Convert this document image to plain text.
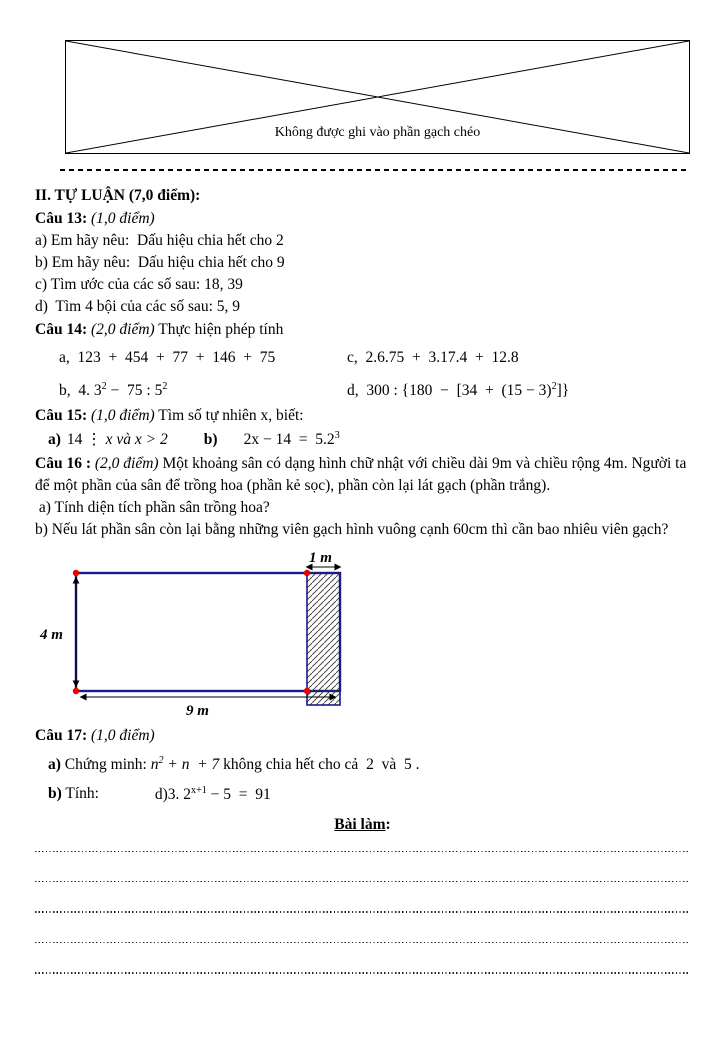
Không được ghi vào phần gạch chéo

II. TỰ LUẬN (7,0 điểm):

Câu 13: (1,0 điểm)

a) Em hãy nêu:  Dấu hiệu chia hết cho 2

b) Em hãy nêu:  Dấu hiệu chia hết cho 9

c) Tìm ước của các số sau: 18, 39

d)  Tìm 4 bội của các số sau: 5, 9

Câu 14: (2,0 điểm) Thực hiện phép tính

a,  123  +  454  +  77  +  146  +  75	c,  2.6.75  +  3.17.4  +  12.8
b,  4. $3^2 - 75$ : $5^2$	d,  300 : $\{180 - [34 + (15 - 3)^2]\}$

Câu 15: (1,0 điểm) Tìm số tự nhiên x, biết:

a) 14 ⋮ x và x > 2 b) $2x - 14 = 5.2^3$

Câu 16 : (2,0 điểm) Một khoảng sân có dạng hình chữ nhật với chiều dài 9m và chiều rộng 4m. Người ta để một phần của sân để trồng hoa (phần kẻ sọc), phần còn lại lát gạch (phần trắng).

a) Tính diện tích phần sân trồng hoa?

b) Nếu lát phần sân còn lại bằng những viên gạch hình vuông cạnh 60cm thì cần bao nhiêu viên gạch?

1 m
4 m
9 m

Câu 17: (1,0 điểm)

a) Chứng minh: $n^2 + n + 7$ không chia hết cho cả  2  và  5 .

b) Tính:	d)3. $2^{x+1} - 5 = 91$

Bài làm:
